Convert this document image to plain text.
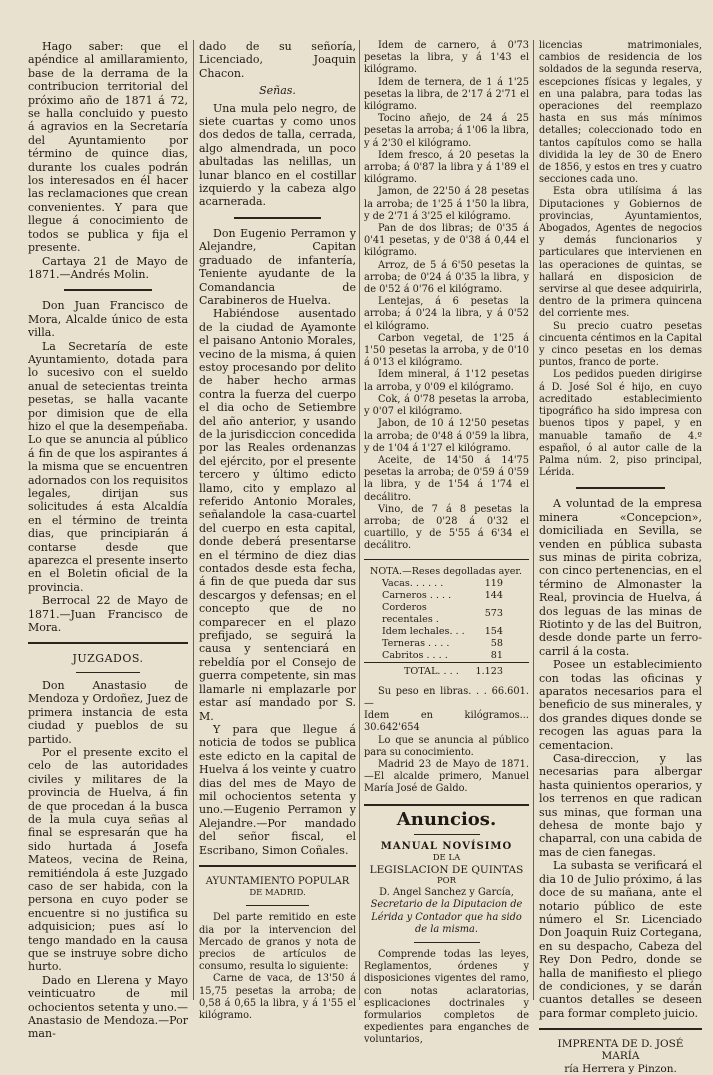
Hago saber: que el apéndice al amillaramiento, base de la derrama de la contribucion territorial del próximo año de 1871 á 72, se halla concluido y puesto á agravios en la Secretaría del Ayuntamiento por término de quince dias, durante los cuales podrán los interesados en él hacer las reclamaciones que crean convenientes. Y para que llegue á conocimiento de todos se publica y fija el presente.

Cartaya 21 de Mayo de 1871.—Andrés Molin.

Don Juan Francisco de Mora, Alcalde único de esta villa.

La Secretaría de este Ayuntamiento, dotada para lo sucesivo con el sueldo anual de setecientas treinta pesetas, se halla vacante por dimision que de ella hizo el que la desempeñaba. Lo que se anuncia al público á fin de que los aspirantes á la misma que se encuentren adornados con los requisitos legales, dirijan sus solicitudes á esta Alcaldía en el término de treinta dias, que principiarán á contarse desde que aparezca el presente inserto en el Boletin oficial de la provincia.

Berrocal 22 de Mayo de 1871.—Juan Francisco de Mora.

JUZGADOS.

Don Anastasio de Mendoza y Ordoñez, Juez de primera instancia de esta ciudad y pueblos de su partido.

Por el presente excito el celo de las autoridades civiles y militares de la provincia de Huelva, á fin de que procedan á la busca de la mula cuya señas al final se espresarán que ha sido hurtada á Josefa Mateos, vecina de Reina, remitiéndola á este Juzgado caso de ser habida, con la persona en cuyo poder se encuentre si no justifica su adquisicion; pues así lo tengo mandado en la causa que se instruye sobre dicho hurto.

Dado en Llerena y Mayo veinticuatro de mil ochocientos setenta y uno.—Anastasio de Mendoza.—Por man-

dado de su señoría, Licenciado, Joaquin Chacon.

Señas.

Una mula pelo negro, de siete cuartas y como unos dos dedos de talla, cerrada, algo almendrada, un poco abultadas las nelillas, un lunar blanco en el costillar izquierdo y la cabeza algo acarnerada.

Don Eugenio Perramon y Alejandre, Capitan graduado de infantería, Teniente ayudante de la Comandancia de Carabineros de Huelva.

Habiéndose ausentado de la ciudad de Ayamonte el paisano Antonio Morales, vecino de la misma, á quien estoy procesando por delito de haber hecho armas contra la fuerza del cuerpo el dia ocho de Setiembre del año anterior, y usando de la jurisdiccion concedida por las Reales ordenanzas del ejército, por el presente tercero y último edicto llamo, cito y emplazo al referido Antonio Morales, señalandole la casa-cuartel del cuerpo en esta capital, donde deberá presentarse en el término de diez dias contados desde esta fecha, á fin de que pueda dar sus descargos y defensas; en el concepto que de no comparecer en el plazo prefijado, se seguirá la causa y sentenciará en rebeldía por el Consejo de guerra competente, sin mas llamarle ni emplazarle por estar así mandado por S. M.

Y para que llegue á noticia de todos se publica este edicto en la capital de Huelva á los veinte y cuatro dias del mes de Mayo de mil ochocientos setenta y uno.—Eugenio Perramon y Alejandre.—Por mandado del señor fiscal, el Escribano, Simon Coñales.

AYUNTAMIENTO POPULAR

DE MADRID.

Del parte remitido en este dia por la intervencion del Mercado de granos y nota de precios de artículos de consumo, resulta lo siguiente:

Carne de vaca, de 13'50 á 15,75 pesetas la arroba; de 0,58 á 0,65 la libra, y á 1'55 el kilógramo.

Idem de carnero, á 0'73 pesetas la libra, y á 1'43 el kilógramo.

Idem de ternera, de 1 á 1'25 pesetas la libra, de 2'17 á 2'71 el kilógramo.

Tocino añejo, de 24 á 25 pesetas la arroba; á 1'06 la libra, y á 2'30 el kilógramo.

Idem fresco, á 20 pesetas la arroba; á 0'87 la libra y á 1'89 el kilógramo.

Jamon, de 22'50 á 28 pesetas la arroba; de 1'25 á 1'50 la libra, y de 2'71 á 3'25 el kilógramo.

Pan de dos libras; de 0'35 á 0'41 pesetas, y de 0'38 á 0,44 el kilógramo.

Arroz, de 5 á 6'50 pesetas la arroba; de 0'24 á 0'35 la libra, y de 0'52 á 0'76 el kilógramo.

Lentejas, á 6 pesetas la arroba; á 0'24 la libra, y á 0'52 el kilógramo.

Carbon vegetal, de 1'25 á 1'50 pesetas la arroba, y de 0'10 á 0'13 el kilógramo.

Idem mineral, á 1'12 pesetas la arroba, y 0'09 el kilógramo.

Cok, á 0'78 pesetas la arroba, y 0'07 el kilógramo.

Jabon, de 10 á 12'50 pesetas la arroba; de 0'48 á 0'59 la libra, y de 1'04 á 1'27 el kilógramo.

Aceite, de 14'50 á 14'75 pesetas la arroba; de 0'59 á 0'59 la libra, y de 1'54 á 1'74 el decálitro.

Vino, de 7 á 8 pesetas la arroba; de 0'28 á 0'32 el cuartillo, y de 5'55 á 6'34 el decálitro.

NOTA.—Reses degolladas ayer.

Vacas. . . . . .	119
Carneros . . . .	144
Corderos recentales .	573
Idem lechales. . .	154
Terneras . . . .	58
Cabritos . . . .	81
TOTAL. . . .	1.123

Su peso en libras. . . 66.601.—

Idem en kilógramos... 30.642'654

Lo que se anuncia al público para su conocimiento.

Madrid 23 de Mayo de 1871.—El alcalde primero, Manuel María José de Galdo.

Anuncios.

MANUAL NOVÍSIMO

DE LA

LEGISLACION DE QUINTAS

POR

D. Angel Sanchez y García,

Secretario de la Diputacion de Lérida y Contador que ha sido de la misma.

Comprende todas las leyes, Reglamentos, órdenes y disposiciones vigentes del ramo, con notas aclaratorias, esplicaciones doctrinales y formularios completos de expedientes para enganches de voluntarios,

licencias matrimoniales, cambios de residencia de los soldados de la segunda reserva, escepciones físicas y legales, y en una palabra, para todas las operaciones del reemplazo hasta en sus más mínimos detalles; coleccionado todo en tantos capítulos como se halla dividida la ley de 30 de Enero de 1856, y estos en tres y cuatro secciones cada uno.

Esta obra utilísima á las Diputaciones y Gobiernos de provincias, Ayuntamientos, Abogados, Agentes de negocios y demás funcionarios y particulares que intervienen en las operaciones de quintas, se hallará en disposicion de servirse al que desee adquirirla, dentro de la primera quincena del corriente mes.

Su precio cuatro pesetas cincuenta céntimos en la Capital y cinco pesetas en los demas puntos, franco de porte.

Los pedidos pueden dirigirse á D. José Sol é hijo, en cuyo acreditado establecimiento tipográfico ha sido impresa con buenos tipos y papel, y en manuable tamaño de 4.º español, ó al autor calle de la Palma núm. 2, piso principal, Lérida.

A voluntad de la empresa minera «Concepcion», domiciliada en Sevilla, se venden en pública subasta sus minas de pirita cobriza, con cinco pertenencias, en el término de Almonaster la Real, provincia de Huelva, á dos leguas de las minas de Riotinto y de las del Buitron, desde donde parte un ferro-carril á la costa.

Posee un establecimiento con todas las oficinas y aparatos necesarios para el beneficio de sus minerales, y dos grandes diques donde se recogen las aguas para la cementacion.

Casa-direccion, y las necesarias para albergar hasta quinientos operarios, y los terrenos en que radican sus minas, que forman una dehesa de monte bajo y chaparral, con una cabida de mas de cien fanegas.

La subasta se verificará el dia 10 de Julio próximo, á las doce de su mañana, ante el notario público de este número el Sr. Licenciado Don Joaquin Ruiz Cortegana, en su despacho, Cabeza del Rey Don Pedro, donde se halla de manifiesto el pliego de condiciones, y se darán cuantos detalles se deseen para formar completo juicio.

IMPRENTA DE D. JOSÉ MARÍA

ría Herrera y Pinzon.
